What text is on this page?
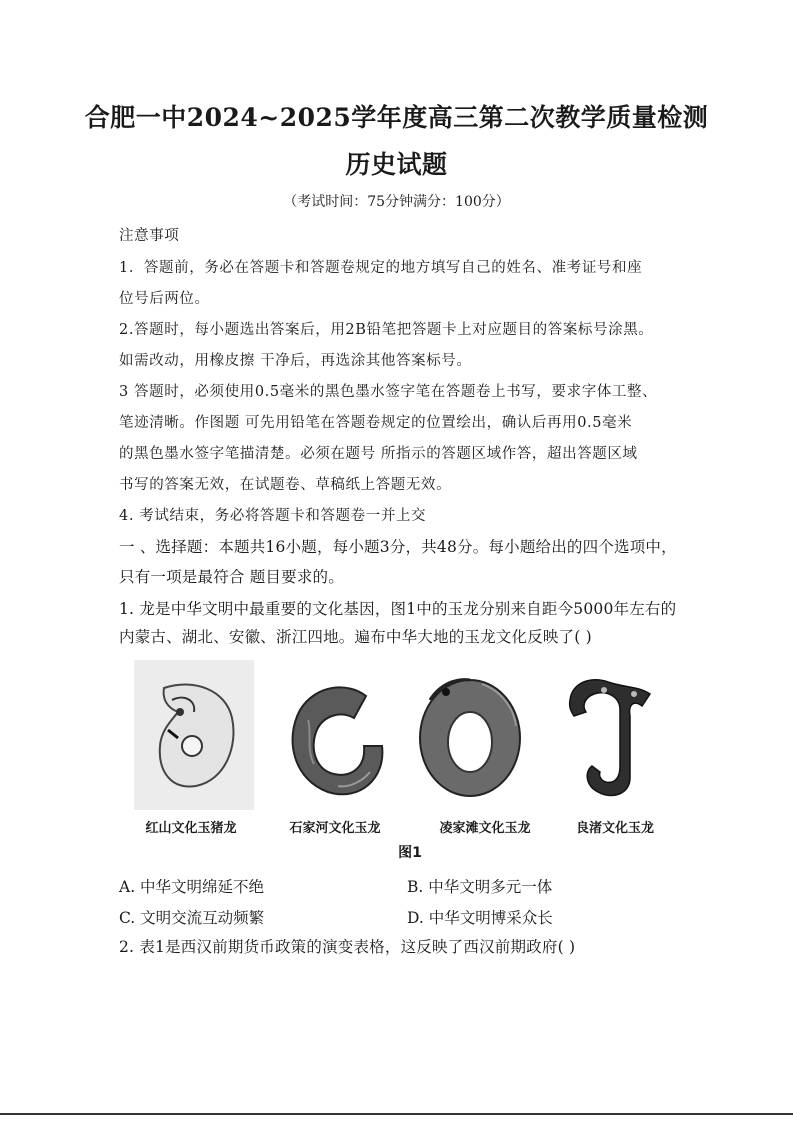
合肥一中2024~2025学年度高三第二次教学质量检测
历史试题
（考试时间：75分钟满分：100分）
注意事项
1．答题前，务必在答题卡和答题卷规定的地方填写自己的姓名、准考证号和座
位号后两位。
2.答题时，每小题选出答案后，用2B铅笔把答题卡上对应题目的答案标号涂黑。
如需改动，用橡皮擦 干净后，再选涂其他答案标号。
3 答题时，必须使用0.5毫米的黑色墨水签字笔在答题卷上书写，要求字体工整、
笔迹清晰。作图题 可先用铅笔在答题卷规定的位置绘出，确认后再用0.5毫米
的黑色墨水签字笔描清楚。必须在题号 所指示的答题区域作答，超出答题区域
书写的答案无效，在试题卷、草稿纸上答题无效。
4. 考试结束，务必将答题卡和答题卷一并上交
一 、选择题：本题共16小题，每小题3分，共48分。每小题给出的四个选项中，
只有一项是最符合 题目要求的。
1. 龙是中华文明中最重要的文化基因，图1中的玉龙分别来自距今5000年左右的
内蒙古、湖北、安徽、浙江四地。遍布中华大地的玉龙文化反映了( )
红山文化玉猪龙	石家河文化玉龙	凌家滩文化玉龙	良渚文化玉龙
图1
A. 中华文明绵延不绝	B. 中华文明多元一体
C. 文明交流互动频繁	D. 中华文明博采众长
2. 表1是西汉前期货币政策的演变表格，这反映了西汉前期政府( )
